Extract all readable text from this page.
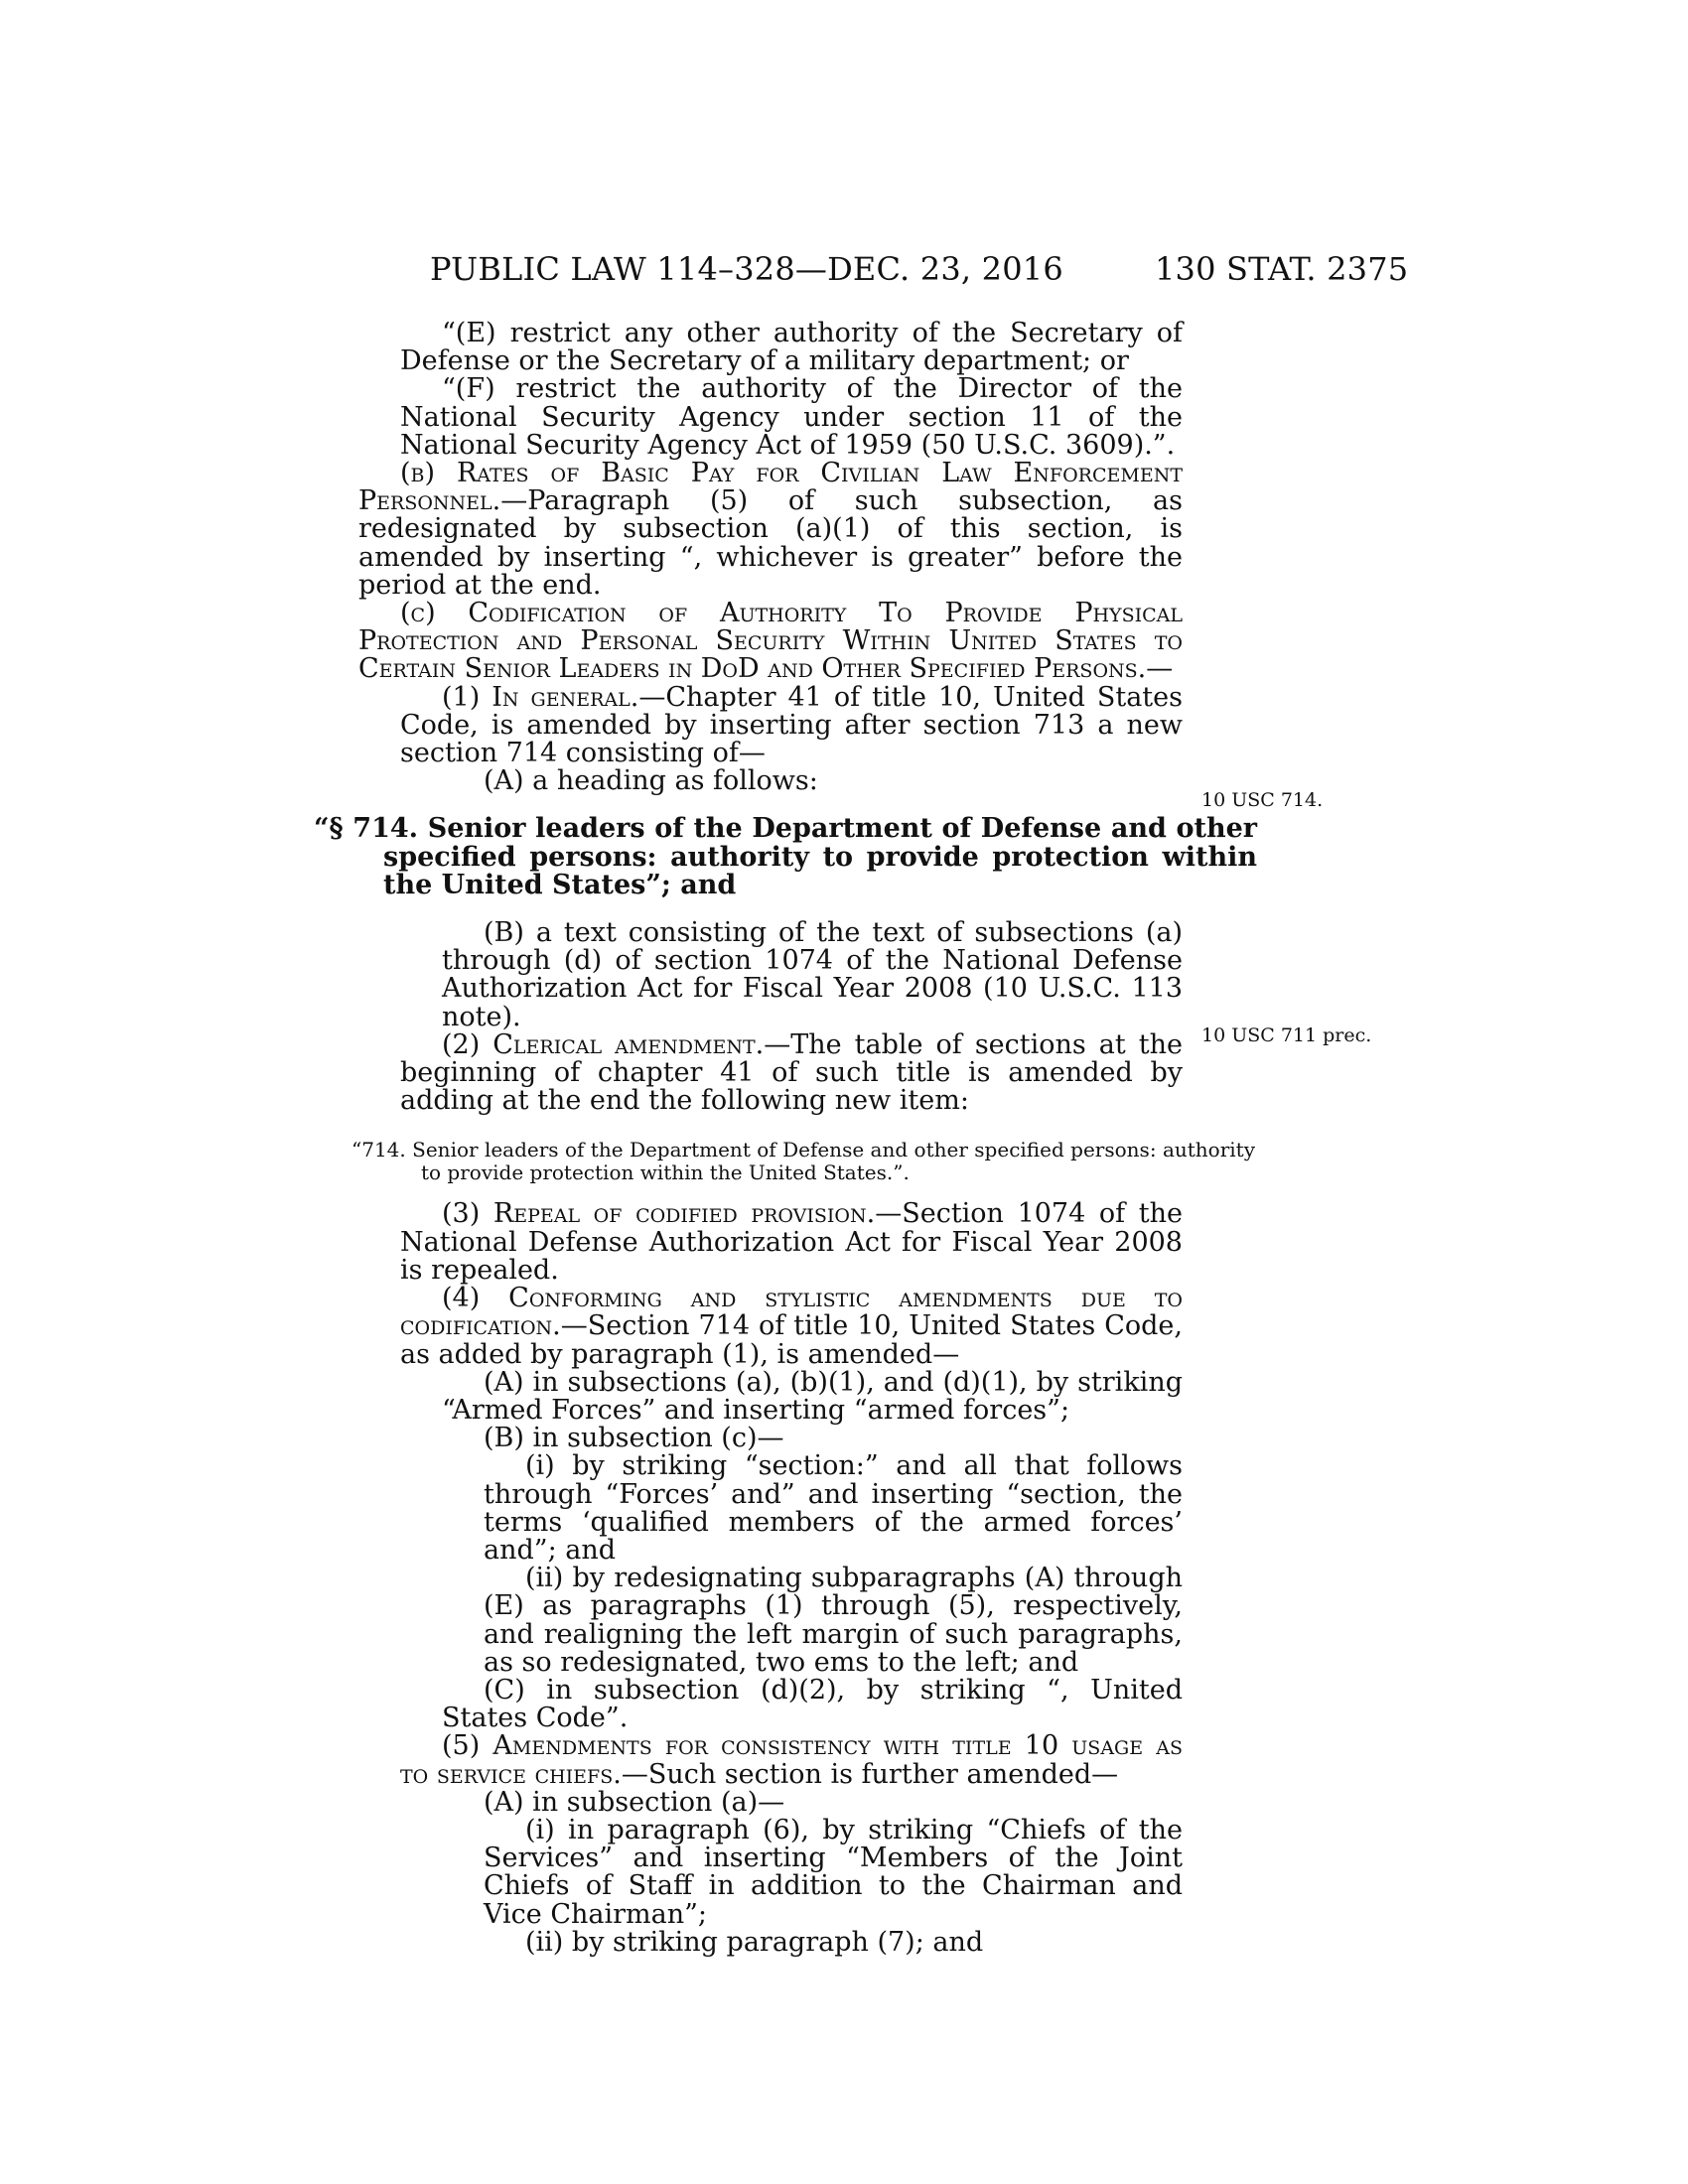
PUBLIC LAW 114–328—DEC. 23, 2016	130 STAT. 2375
10 USC 714.
10 USC 711 prec.

“(E) restrict any other authority of the Secretary of Defense or the Secretary of a military department; or

“(F) restrict the authority of the Director of the National Security Agency under section 11 of the National Security Agency Act of 1959 (50 U.S.C. 3609).”.

(b) Rates of Basic Pay for Civilian Law Enforcement Personnel.—Paragraph (5) of such subsection, as redesignated by subsection (a)(1) of this section, is amended by inserting “, whichever is greater” before the period at the end.

(c) Codification of Authority To Provide Physical Protection and Personal Security Within United States to Certain Senior Leaders in DoD and Other Specified Persons.—

(1) In general.—Chapter 41 of title 10, United States Code, is amended by inserting after section 713 a new section 714 consisting of—

(A) a heading as follows:

“§ 714. Senior leaders of the Department of Defense and other specified persons: authority to provide protection within the United States”; and

(B) a text consisting of the text of subsections (a) through (d) of section 1074 of the National Defense Authorization Act for Fiscal Year 2008 (10 U.S.C. 113 note).

(2) Clerical amendment.—The table of sections at the beginning of chapter 41 of such title is amended by adding at the end the following new item:

“714. Senior leaders of the Department of Defense and other specified persons: authority to provide protection within the United States.”.

(3) Repeal of codified provision.—Section 1074 of the National Defense Authorization Act for Fiscal Year 2008 is repealed.

(4) Conforming and stylistic amendments due to codification.—Section 714 of title 10, United States Code, as added by paragraph (1), is amended—

(A) in subsections (a), (b)(1), and (d)(1), by striking “Armed Forces” and inserting “armed forces”;

(B) in subsection (c)—

(i) by striking “section:” and all that follows through “Forces’ and” and inserting “section, the terms ‘qualified members of the armed forces’ and”; and

(ii) by redesignating subparagraphs (A) through (E) as paragraphs (1) through (5), respectively, and realigning the left margin of such paragraphs, as so redesignated, two ems to the left; and

(C) in subsection (d)(2), by striking “, United States Code”.

(5) Amendments for consistency with title 10 usage as to service chiefs.—Such section is further amended—

(A) in subsection (a)—

(i) in paragraph (6), by striking “Chiefs of the Services” and inserting “Members of the Joint Chiefs of Staff in addition to the Chairman and Vice Chairman”;

(ii) by striking paragraph (7); and
